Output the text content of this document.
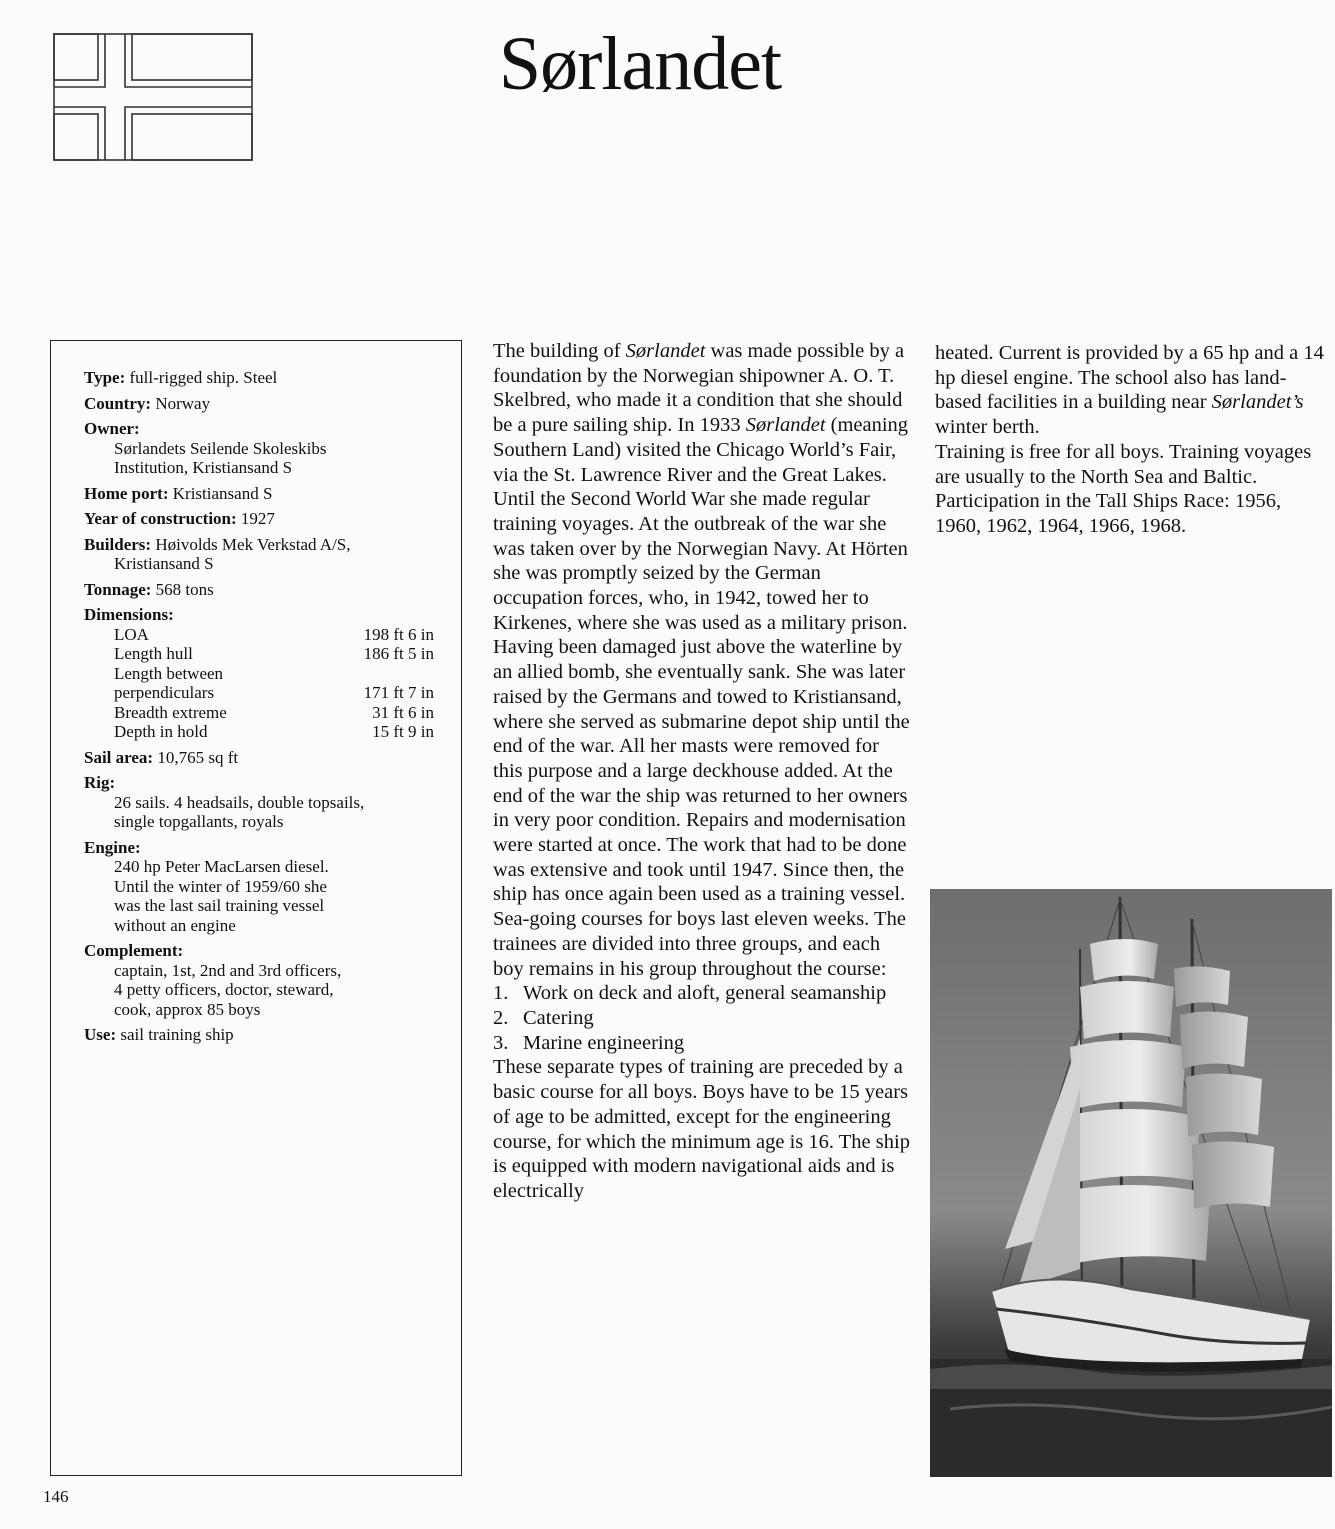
Sørlandet
Type: full-rigged ship. Steel
Country: Norway
Owner:
Sørlandets Seilende Skoleskibs
Institution, Kristiansand S
Home port: Kristiansand S
Year of construction: 1927
Builders: Høivolds Mek Verkstad A/S,
Kristiansand S
Tonnage: 568 tons
Dimensions:
LOA	198 ft 6 in
Length hull	186 ft 5 in
Length between
perpendiculars	171 ft 7 in
Breadth extreme	31 ft 6 in
Depth in hold	15 ft 9 in
Sail area: 10,765 sq ft
Rig:
26 sails. 4 headsails, double topsails,
single topgallants, royals
Engine:
240 hp Peter MacLarsen diesel.
Until the winter of 1959/60 she
was the last sail training vessel
without an engine
Complement:
captain, 1st, 2nd and 3rd officers,
4 petty officers, doctor, steward,
cook, approx 85 boys
Use: sail training ship

The building of Sørlandet was made possible by a foundation by the Norwegian shipowner A. O. T. Skelbred, who made it a condition that she should be a pure sailing ship. In 1933 Sørlandet (meaning Southern Land) visited the Chicago World’s Fair, via the St. Lawrence River and the Great Lakes. Until the Second World War she made regular training voyages. At the outbreak of the war she was taken over by the Norwegian Navy. At Hörten she was promptly seized by the German occupation forces, who, in 1942, towed her to Kirkenes, where she was used as a military prison.

Having been damaged just above the waterline by an allied bomb, she eventually sank. She was later raised by the Germans and towed to Kristiansand, where she served as submarine depot ship until the end of the war. All her masts were removed for this purpose and a large deckhouse added. At the end of the war the ship was returned to her owners in very poor condition. Repairs and modernisation were started at once. The work that had to be done was extensive and took until 1947. Since then, the ship has once again been used as a training vessel.

Sea-going courses for boys last eleven weeks. The trainees are divided into three groups, and each boy remains in his group throughout the course:

1. Work on deck and aloft, general seamanship
2. Catering
3. Marine engineering

These separate types of training are preceded by a basic course for all boys. Boys have to be 15 years of age to be admitted, except for the engineering course, for which the minimum age is 16. The ship is equipped with modern navigational aids and is electrically

heated. Current is provided by a 65 hp and a 14 hp diesel engine. The school also has land-based facilities in a building near Sørlandet’s winter berth.

Training is free for all boys. Training voyages are usually to the North Sea and Baltic.

Participation in the Tall Ships Race: 1956, 1960, 1962, 1964, 1966, 1968.

146
